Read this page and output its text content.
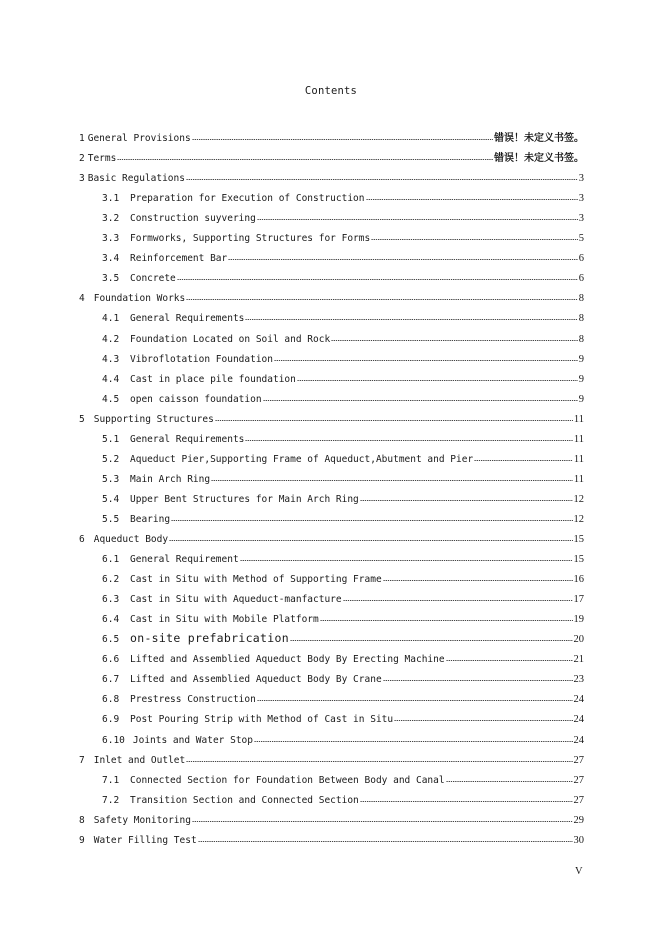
Contents
1 General Provisions	错误！未定义书签。
2 Terms	错误！未定义书签。
3 Basic Regulations	3
3.1 Preparation for Execution of Construction	3
3.2 Construction suyvering	3
3.3 Formworks, Supporting Structures for Forms	5
3.4 Reinforcement Bar	6
3.5 Concrete	6
4 Foundation Works	8
4.1 General Requirements	8
4.2 Foundation Located on Soil and Rock	8
4.3 Vibroflotation Foundation	9
4.4 Cast in place pile foundation	9
4.5 open caisson foundation	9
5 Supporting Structures	11
5.1 General Requirements	11
5.2 Aqueduct Pier,Supporting Frame of Aqueduct,Abutment and Pier	11
5.3 Main Arch Ring	11
5.4 Upper Bent Structures for Main Arch Ring	12
5.5 Bearing	12
6 Aqueduct Body	15
6.1 General Requirement	15
6.2 Cast in Situ with Method of Supporting Frame	16
6.3 Cast in Situ with Aqueduct-manfacture	17
6.4 Cast in Situ with Mobile Platform	19
6.5 on-site prefabrication	20
6.6 Lifted and Assemblied Aqueduct Body By Erecting Machine	21
6.7 Lifted and Assemblied Aqueduct Body By Crane	23
6.8 Prestress Construction	24
6.9 Post Pouring Strip with Method of Cast in Situ	24
6.10 Joints and Water Stop	24
7 Inlet and Outlet	27
7.1 Connected Section for Foundation Between Body and Canal	27
7.2 Transition Section and Connected Section	27
8 Safety Monitoring	29
9 Water Filling Test	30
V
